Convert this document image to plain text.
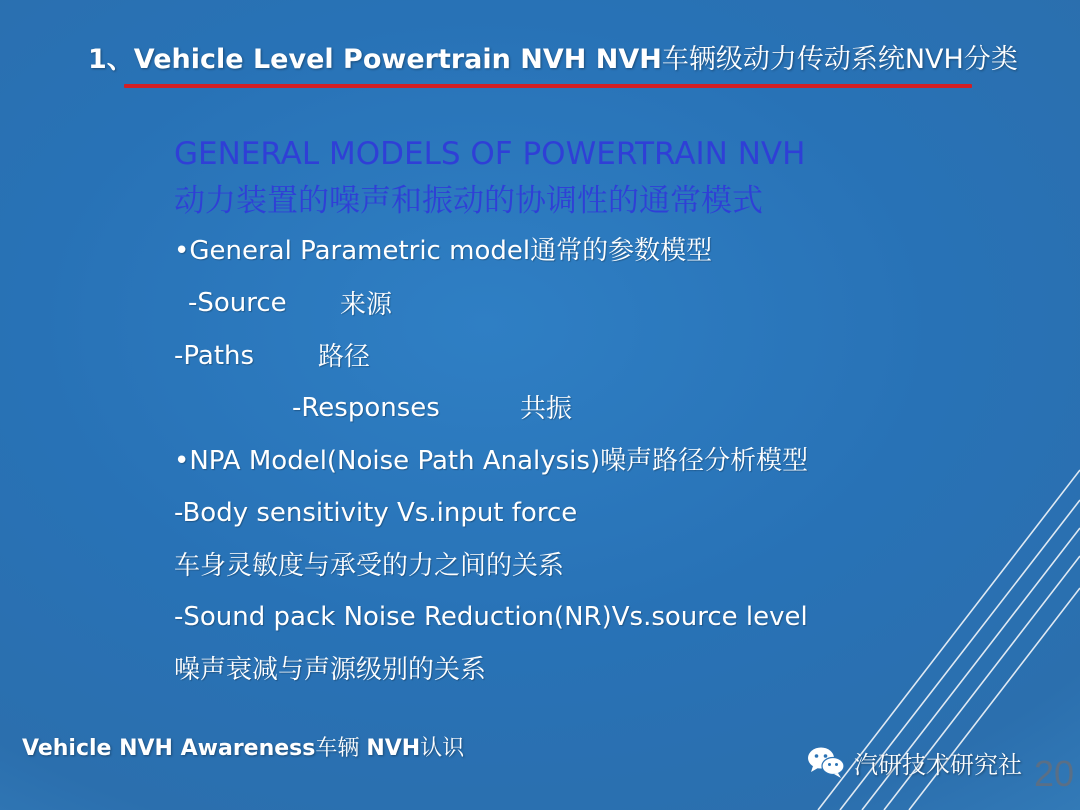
1、Vehicle Level Powertrain NVH NVH车辆级动力传动系统NVH分类
GENERAL MODELS OF POWERTRAIN NVH
动力装置的噪声和振动的协调性的通常模式
•General Parametric model通常的参数模型
-Source 来源
-Paths 路径
-Responses	共振
•NPA Model(Noise Path Analysis)噪声路径分析模型
-Body sensitivity Vs.input force
车身灵敏度与承受的力之间的关系
-Sound pack Noise Reduction(NR)Vs.source level
噪声衰减与声源级别的关系
Vehicle NVH Awareness车辆 NVH认识
20
汽研技术研究社
